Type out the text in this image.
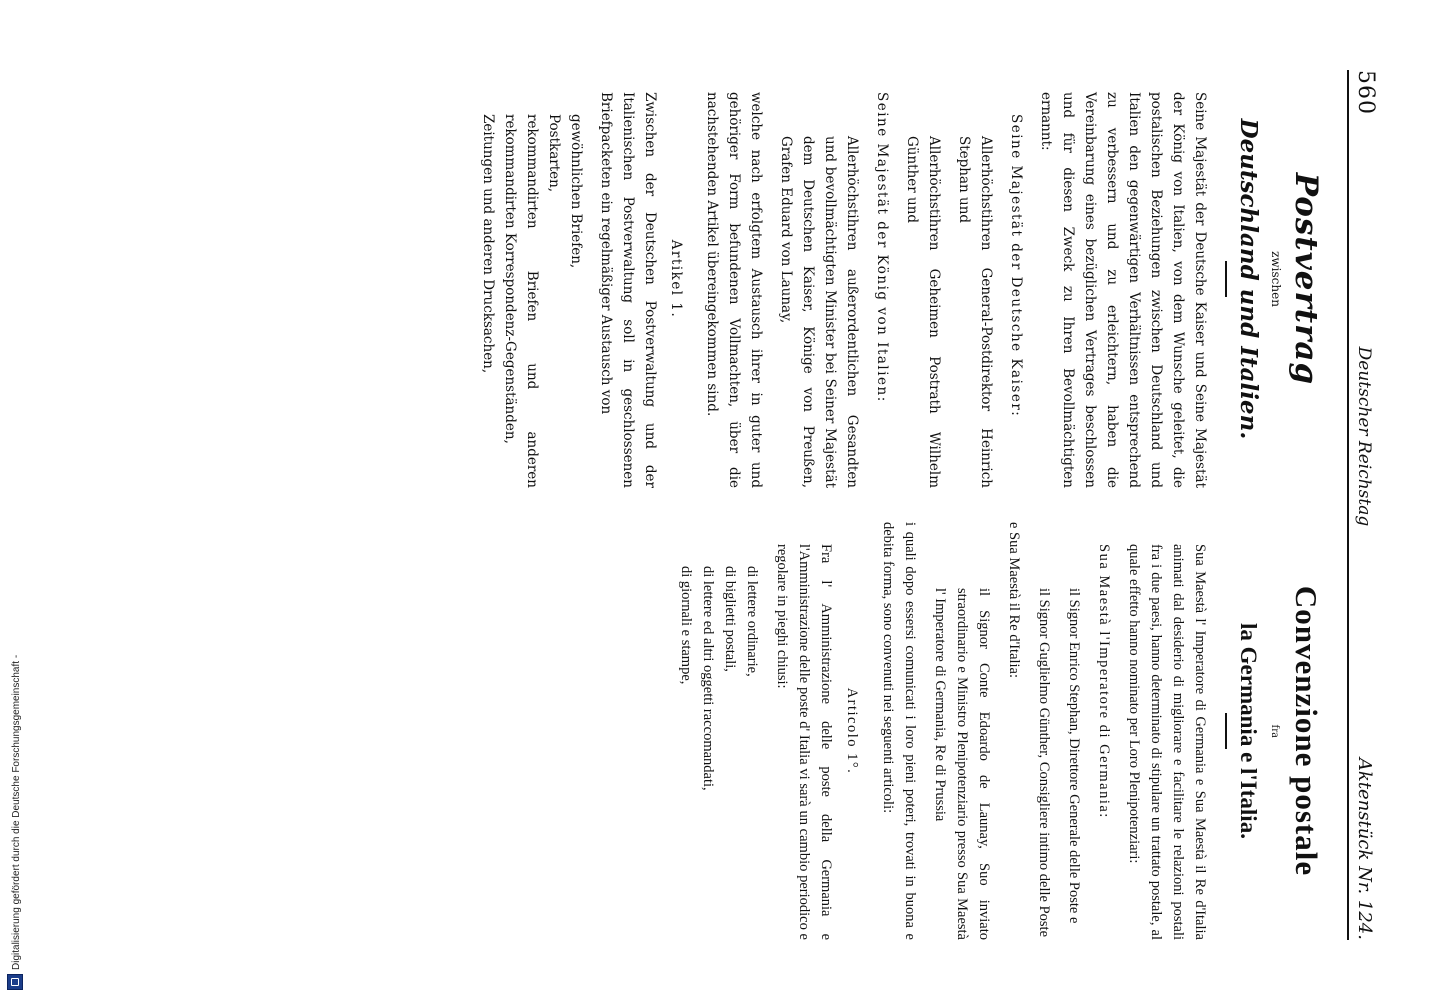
560
Deutscher Reichstag
Aktenstück Nr. 124.
Postvertrag
zwischen
Deutschland und Italien.

Seine Majestät der Deutsche Kaiser und Seine Majestät der König von Italien, von dem Wunsche geleitet, die postalischen Beziehungen zwischen Deutschland und Italien den gegenwärtigen Verhältnissen entsprechend zu verbessern und zu erleichtern, haben die Vereinbarung eines bezüglichen Vertrages beschlossen und für diesen Zweck zu Ihren Bevollmächtigten ernannt:

Seine Majestät der Deutsche Kaiser:

Allerhöchstihren General-Postdirektor Heinrich Stephan und

Allerhöchstihren Geheimen Postrath Wilhelm Günther und

Seine Majestät der König von Italien:

Allerhöchstihren außerordentlichen Gesandten und bevollmächtigten Minister bei Seiner Majestät dem Deutschen Kaiser, Könige von Preußen, Grafen Eduard von Launay,

welche nach erfolgtem Austausch ihrer in guter und gehöriger Form befundenen Vollmachten, über die nachstehenden Artikel übereingekommen sind.

Artikel 1.

Zwischen der Deutschen Postverwaltung und der Italienischen Postverwaltung soll in geschlossenen Briefpacketen ein regelmäßiger Austausch von

gewöhnlichen Briefen,

Postkarten,

rekommandirten Briefen und anderen rekommandirten Korrespondenz-Gegenständen,

Zeitungen und anderen Drucksachen,

Convenzione postale
fra
la Germania e l'Italia.

Sua Maestà l' Imperatore di Germania e Sua Maestà il Re d'Italia animati dal desiderio di migliorare e facilitare le relazioni postali fra i due paesi, hanno determinato di stipulare un trattato postale, al quale effetto hanno nominato per Loro Plenipotenziari:

Sua Maestà l'Imperatore di Germania:

il Signor Enrico Stephan, Direttore Generale delle Poste e

il Signor Guglielmo Günther, Consigliere intimo delle Poste

e Sua Maestà il Re d'Italia:

il Signor Conte Edoardo de Launay, Suo inviato straordinario e Ministro Plenipotenziario presso Sua Maestà l' Imperatore di Germania, Re di Prussia

i quali dopo essersi comunicati i loro pieni poteri, trovati in buona e debita forma, sono convenuti nei seguenti articoli:

Articolo 1°.

Fra l' Amministrazione delle poste della Germania e l'Amministrazione delle poste d' Italia vi sarà un cambio periodico e regolare in pieghi chiusi:

di lettere ordinarie,

di biglietti postali,

di lettere ed altri oggetti raccomandati,

di giornali e stampe,

Digitalisierung gefördert durch die Deutsche Forschungsgemeinschaft -
